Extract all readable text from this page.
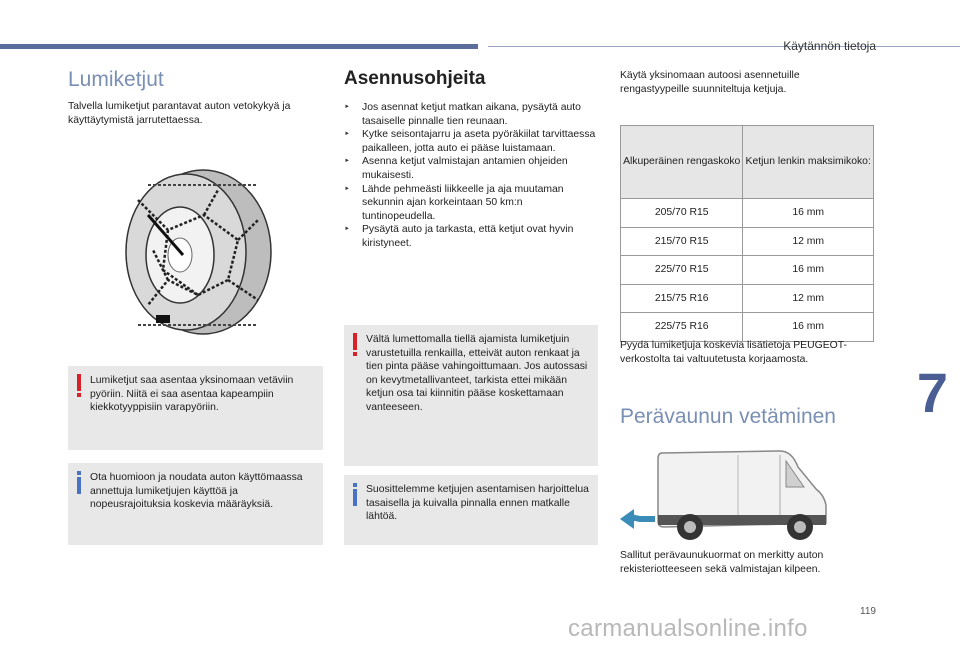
Käytännön tietoja
Lumiketjut

Talvella lumiketjut parantavat auton vetokykyä ja käyttäytymistä jarrutettaessa.

Lumiketjut saa asentaa yksinomaan vetäviin pyöriin. Niitä ei saa asentaa kapeampiin kiekkotyyppisiin varapyöriin.

Ota huomioon ja noudata auton käyttömaassa annettuja lumiketjujen käyttöä ja nopeusrajoituksia koskevia määräyksiä.

Asennusohjeita
‣ Jos asennat ketjut matkan aikana, pysäytä auto tasaiselle pinnalle tien reunaan.
‣ Kytke seisontajarru ja aseta pyöräkiilat tarvittaessa paikalleen, jotta auto ei pääse luistamaan.
‣ Asenna ketjut valmistajan antamien ohjeiden mukaisesti.
‣ Lähde pehmeästi liikkeelle ja aja muutaman sekunnin ajan korkeintaan 50 km:n tuntinopeudella.
‣ Pysäytä auto ja tarkasta, että ketjut ovat hyvin kiristyneet.

Vältä lumettomalla tiellä ajamista lumiketjuin varustetuilla renkailla, etteivät auton renkaat ja tien pinta pääse vahingoittumaan. Jos autossasi on kevytmetallivanteet, tarkista ettei mikään ketjun osa tai kiinnitin pääse koskettamaan vanteeseen.

Suosittelemme ketjujen asentamisen harjoittelua tasaisella ja kuivalla pinnalla ennen matkalle lähtöä.

Käytä yksinomaan autoosi asennetuille rengastyypeille suunniteltuja ketjuja.

Alkuperäinen rengaskoko	Ketjun lenkin maksimikoko:
205/70 R15	16 mm
215/70 R15	12 mm
225/70 R15	16 mm
215/75 R16	12 mm
225/75 R16	16 mm

Pyydä lumiketjuja koskevia lisätietoja PEUGEOT-verkostolta tai valtuutetusta korjaamosta.

Perävaunun vetäminen

Sallitut perävaunukuormat on merkitty auton rekisteriotteeseen sekä valmistajan kilpeen.

7
119
carmanualsonline.info
